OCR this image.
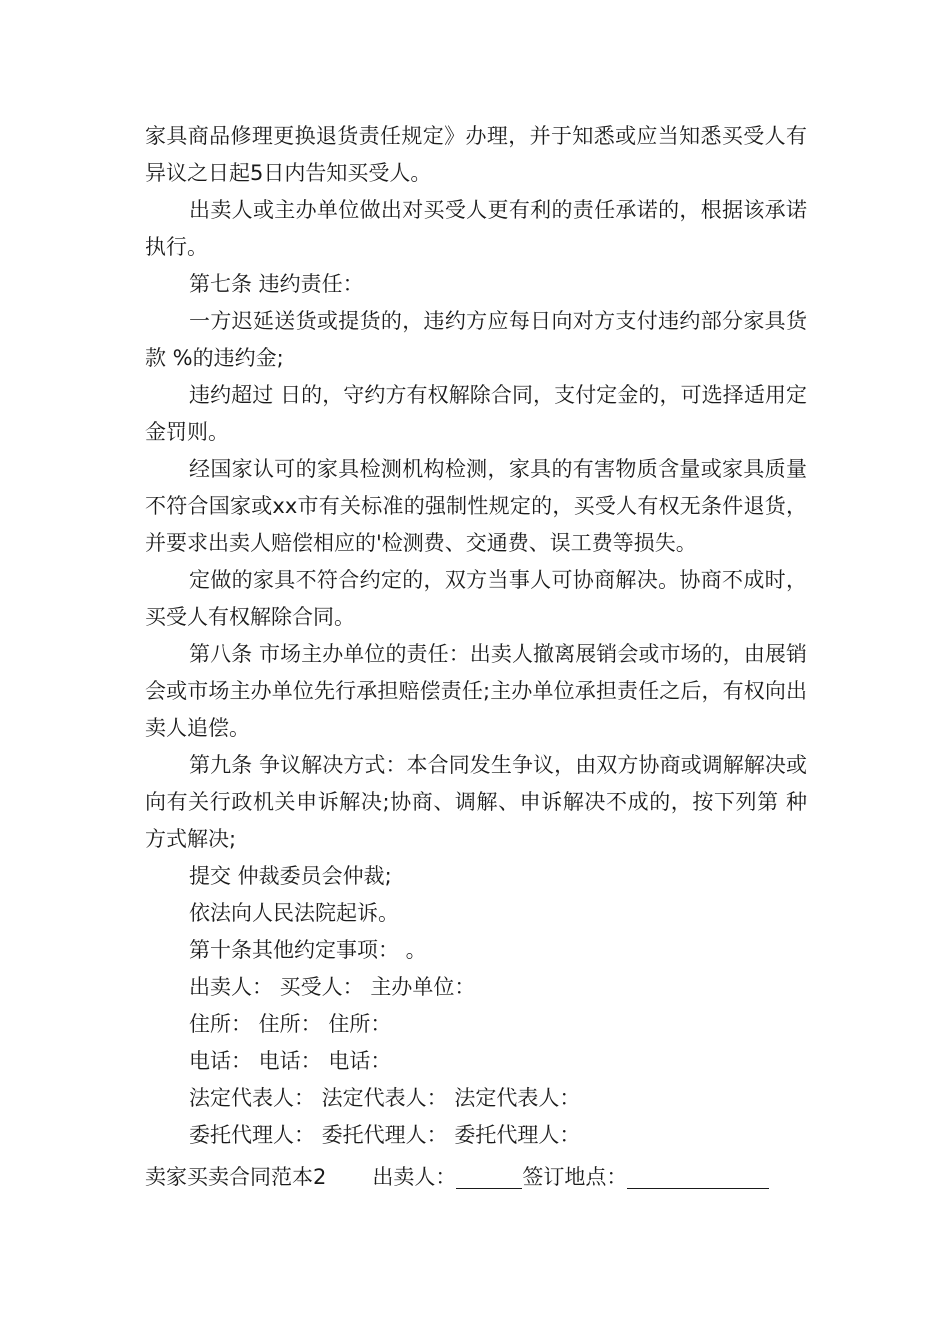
家具商品修理更换退货责任规定》办理，并于知悉或应当知悉买受人有异议之日起5日内告知买受人。

出卖人或主办单位做出对买受人更有利的责任承诺的，根据该承诺执行。

第七条 违约责任：

一方迟延送货或提货的，违约方应每日向对方支付违约部分家具货款 %的违约金;

违约超过 日的，守约方有权解除合同，支付定金的，可选择适用定金罚则。

经国家认可的家具检测机构检测，家具的有害物质含量或家具质量不符合国家或xx市有关标准的强制性规定的，买受人有权无条件退货，并要求出卖人赔偿相应的'检测费、交通费、误工费等损失。

定做的家具不符合约定的，双方当事人可协商解决。协商不成时，买受人有权解除合同。

第八条 市场主办单位的责任：出卖人撤离展销会或市场的，由展销会或市场主办单位先行承担赔偿责任;主办单位承担责任之后，有权向出卖人追偿。

第九条 争议解决方式：本合同发生争议，由双方协商或调解解决或向有关行政机关申诉解决;协商、调解、申诉解决不成的，按下列第 种方式解决;

提交 仲裁委员会仲裁;

依法向人民法院起诉。

第十条其他约定事项： 。

出卖人： 买受人： 主办单位：

住所： 住所： 住所：

电话： 电话： 电话：

法定代表人： 法定代表人： 法定代表人：

委托代理人： 委托代理人： 委托代理人：

卖家买卖合同范本2 出卖人：	签订地点：
